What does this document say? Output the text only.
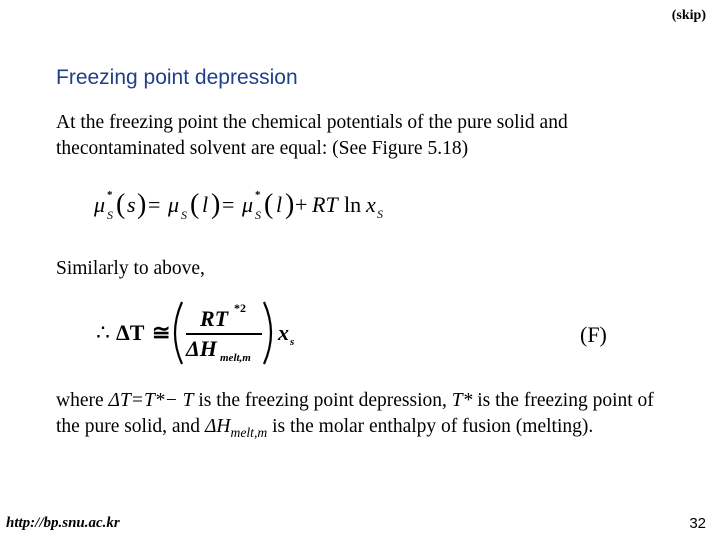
(skip)
Freezing point depression
At the freezing point the chemical potentials of the pure solid and thecontaminated solvent are equal: (See Figure 5.18)
μ *
S ( s ) = μ S ( l ) = μ *
S ( l ) + RT ln x S
Similarly to above,
∴ ΔT ≅
RT *2
ΔH melt,m
x s	(F)
where ΔT=T*− T is the freezing point depression, T* is the freezing point of the pure solid, and $\Delta H_{melt,m}$ is the molar enthalpy of fusion (melting).
http://bp.snu.ac.kr	32
